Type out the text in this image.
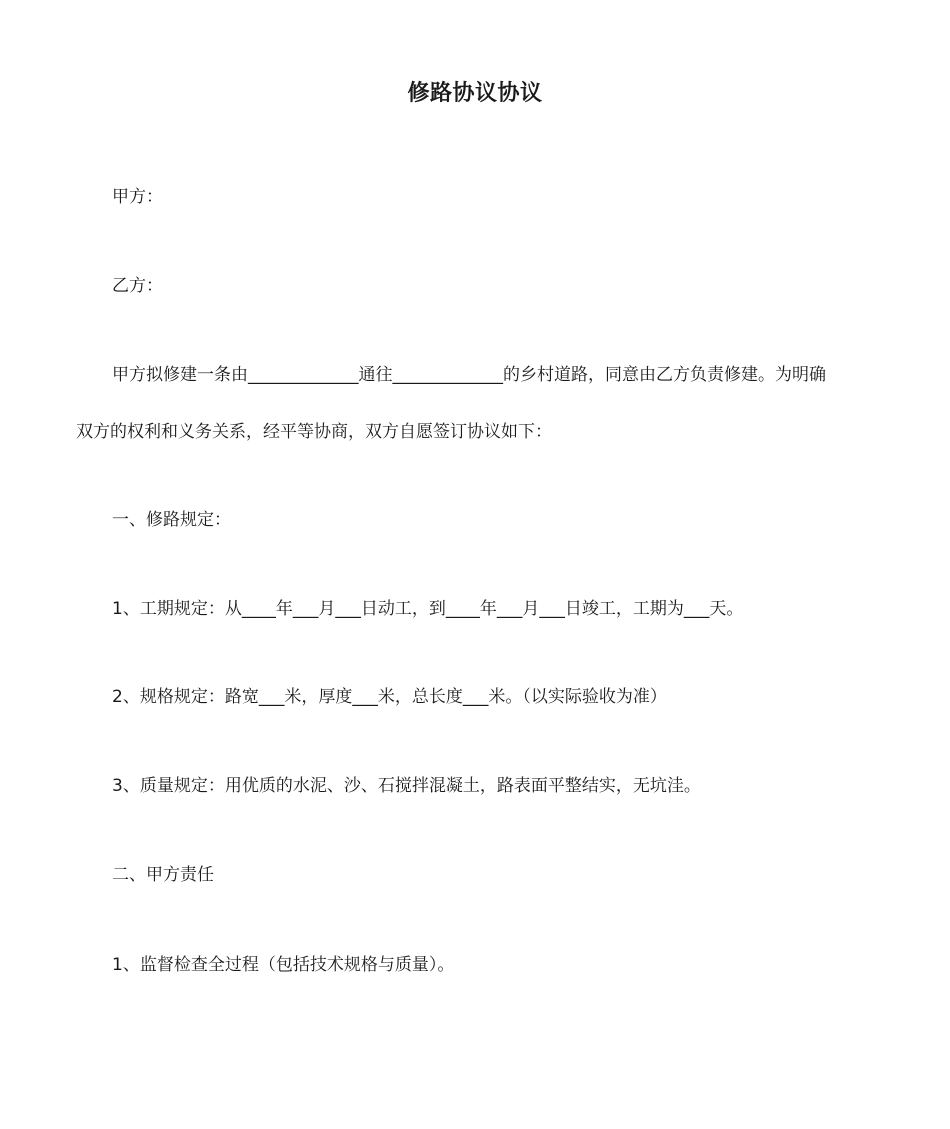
修路协议协议
甲方：
乙方：
甲方拟修建一条由_____________通往_____________的乡村道路，同意由乙方负责修建。为明确
双方的权利和义务关系，经平等协商，双方自愿签订协议如下：
一、修路规定：
1、工期规定：从____年___月___日动工，到____年___月___日竣工，工期为___天。
2、规格规定：路宽___米，厚度___米，总长度___米。（以实际验收为准）
3、质量规定：用优质的水泥、沙、石搅拌混凝土，路表面平整结实，无坑洼。
二、甲方责任
1、监督检查全过程（包括技术规格与质量）。
